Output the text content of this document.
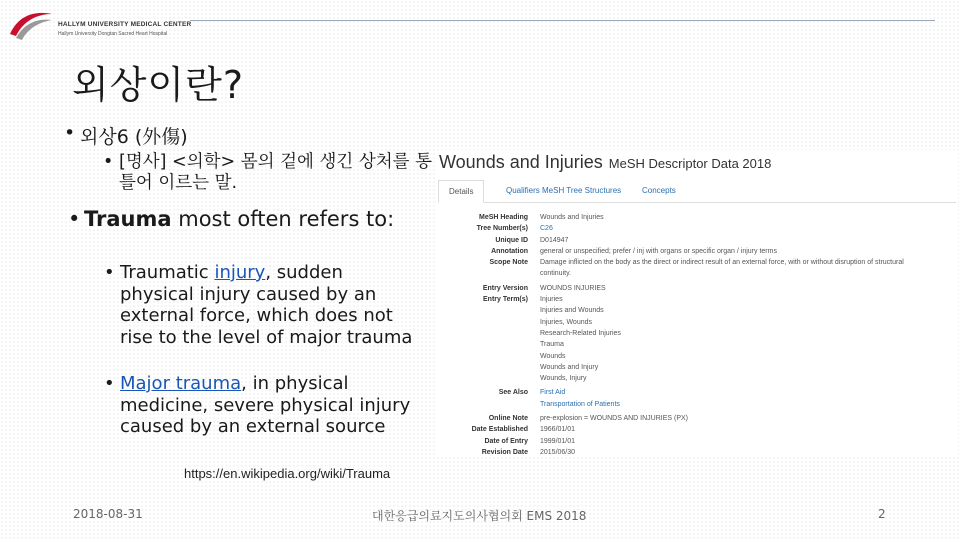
HALLYM UNIVERSITY MEDICAL CENTER
Hallym University Dongtan Sacred Heart Hospital
외상이란?
• 외상6 (外傷)
• [명사] <의학> 몸의 겉에 생긴 상처를 통틀어 이르는 말.
• Trauma most often refers to:
• Traumatic injury, sudden physical injury caused by an external force, which does not rise to the level of major trauma
• Major trauma, in physical medicine, severe physical injury caused by an external source
Wounds and Injuries MeSH Descriptor Data 2018
Details	Qualifiers MeSH Tree Structures	Concepts
MeSH Heading Wounds and Injuries
Tree Number(s) C26
Unique ID D014947
Annotation general or unspecified; prefer / inj with organs or specific organ / injury terms
Scope Note Damage inflicted on the body as the direct or indirect result of an external force, with or without disruption of structural
continuity.
Entry Version WOUNDS INJURIES
Entry Term(s) Injuries
Injuries and Wounds
Injuries, Wounds
Research-Related Injuries
Trauma
Wounds
Wounds and Injury
Wounds, Injury
See Also First Aid
Transportation of Patients
Online Note pre-explosion = WOUNDS AND INJURIES (PX)
Date Established 1966/01/01
Date of Entry 1999/01/01
Revision Date 2015/06/30
https://en.wikipedia.org/wiki/Trauma
2018-08-31	대한응급의료지도의사협의회 EMS 2018	2
